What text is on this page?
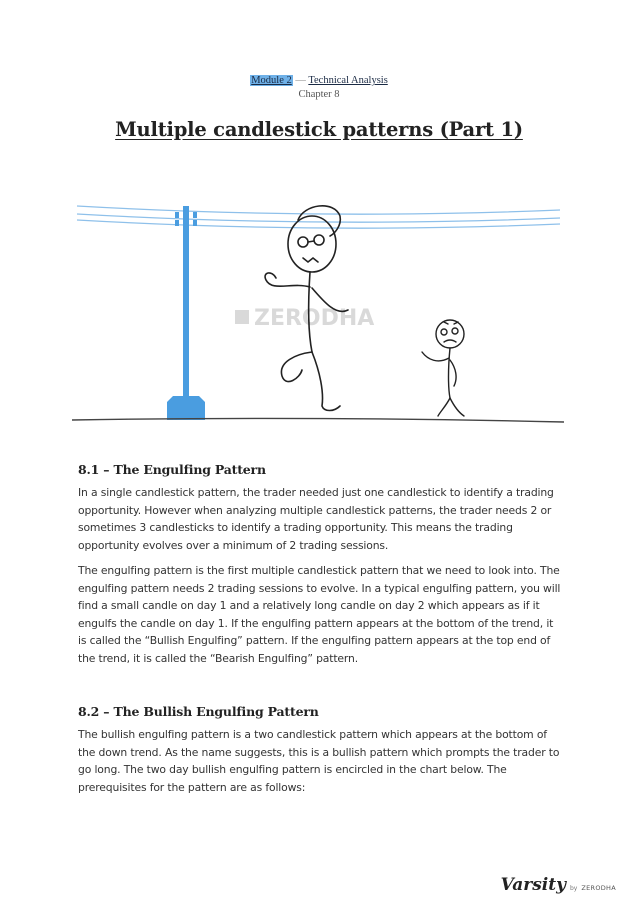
Module 2 — Technical Analysis
Chapter 8
Multiple candlestick patterns (Part 1)
ZERODHA
8.1 – The Engulfing Pattern

In a single candlestick pattern, the trader needed just one candlestick to identify a trading opportunity. However when analyzing multiple candlestick patterns, the trader needs 2 or sometimes 3 candlesticks to identify a trading opportunity. This means the trading opportunity evolves over a minimum of 2 trading sessions.

The engulfing pattern is the first multiple candlestick pattern that we need to look into. The engulfing pattern needs 2 trading sessions to evolve. In a typical engulfing pattern, you will find a small candle on day 1 and a relatively long candle on day 2 which appears as if it engulfs the candle on day 1. If the engulfing pattern appears at the bottom of the trend, it is called the “Bullish Engulfing” pattern. If the engulfing pattern appears at the top end of the trend, it is called the “Bearish Engulfing” pattern.

8.2 – The Bullish Engulfing Pattern

The bullish engulfing pattern is a two candlestick pattern which appears at the bottom of the down trend. As the name suggests, this is a bullish pattern which prompts the trader to go long. The two day bullish engulfing pattern is encircled in the chart below. The prerequisites for the pattern are as follows:

Varsity by ZERODHA
